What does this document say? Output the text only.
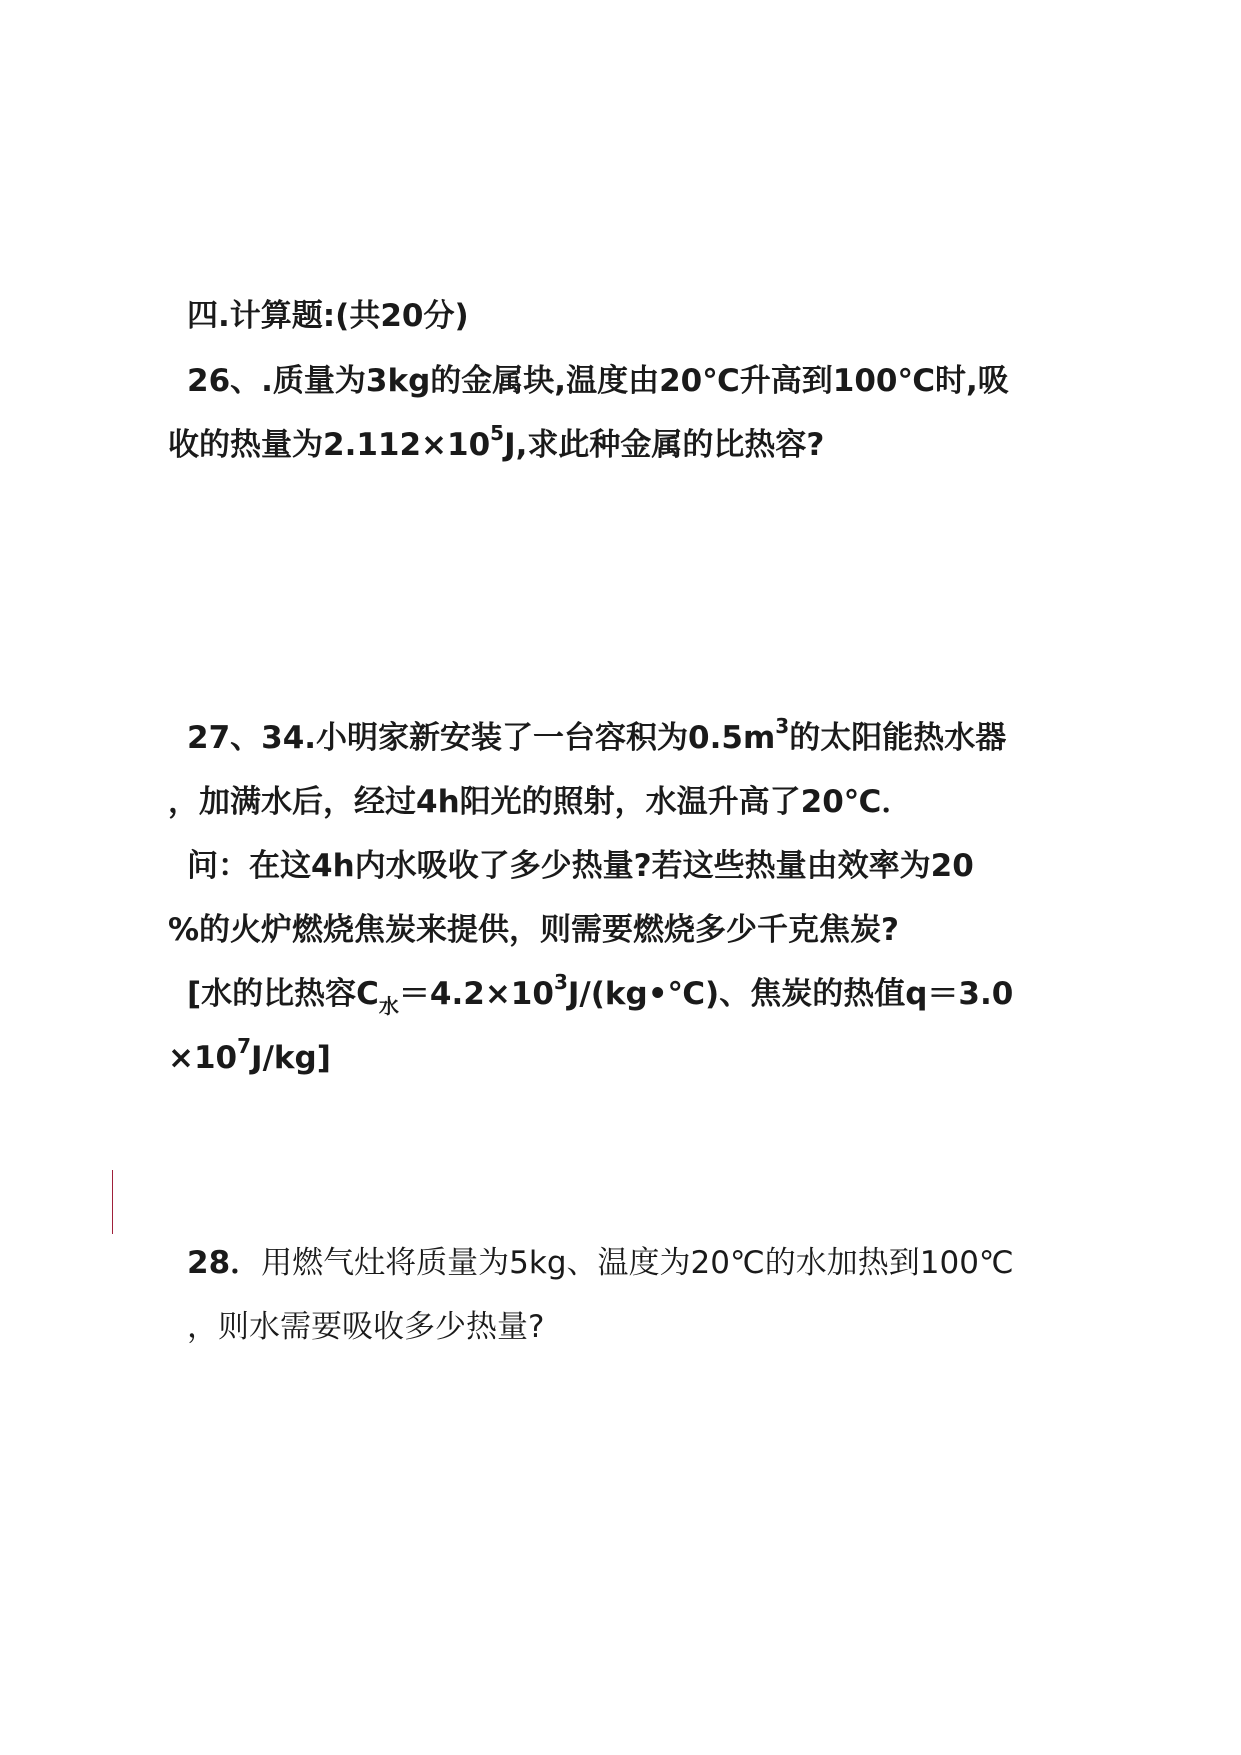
四.计算题:(共20分)
26、.质量为3kg的金属块,温度由20℃升高到100℃时,吸
收的热量为$2.112\times 10^5J$,求此种金属的比热容?
27、34.小明家新安装了一台容积为$0.5m^3$的太阳能热水器
，加满水后，经过4h阳光的照射，水温升高了20℃．
问：在这4h内水吸收了多少热量?若这些热量由效率为20
%的火炉燃烧焦炭来提供，则需要燃烧多少千克焦炭?
[水的比热容$C_水=4.2\times 10^3J/(kg•℃)$、焦炭的热值q＝3.0
$\times 10^7J/kg$]
28．用燃气灶将质量为5kg、温度为20℃的水加热到100℃
，则水需要吸收多少热量?
